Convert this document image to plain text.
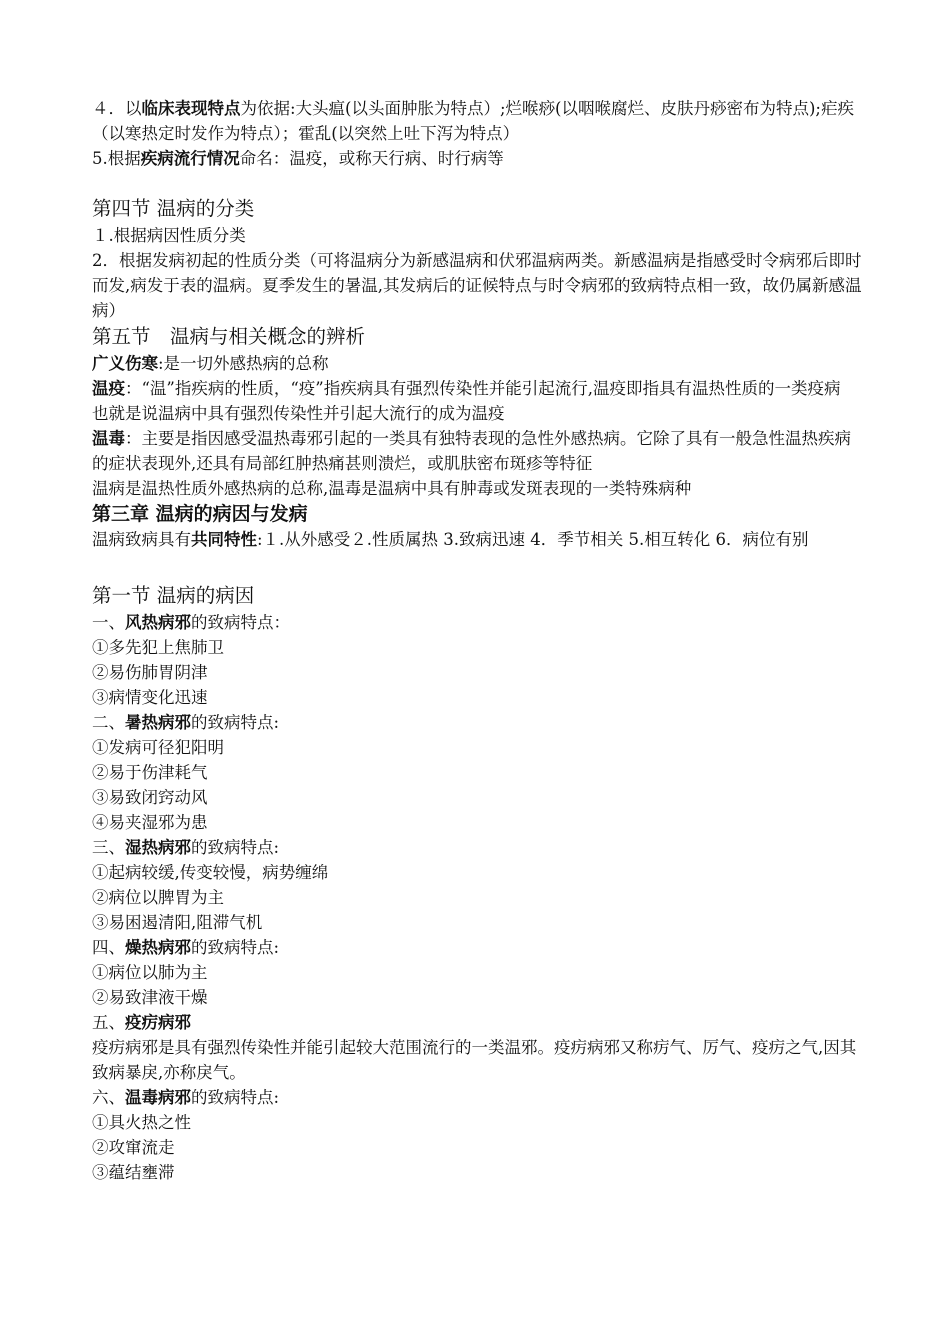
４．以临床表现特点为依据:大头瘟(以头面肿胀为特点）;烂喉痧(以咽喉腐烂、皮肤丹痧密布为特点);疟疾（以寒热定时发作为特点）；霍乱(以突然上吐下泻为特点）

5.根据疾病流行情况命名：温疫，或称天行病、时行病等

第四节 温病的分类

１.根据病因性质分类

2．根据发病初起的性质分类（可将温病分为新感温病和伏邪温病两类。新感温病是指感受时令病邪后即时而发,病发于表的温病。夏季发生的暑温,其发病后的证候特点与时令病邪的致病特点相一致，故仍属新感温病）

第五节　温病与相关概念的辨析

广义伤寒:是一切外感热病的总称

温疫：“温”指疾病的性质，“疫”指疾病具有强烈传染性并能引起流行,温疫即指具有温热性质的一类疫病

也就是说温病中具有强烈传染性并引起大流行的成为温疫

温毒：主要是指因感受温热毒邪引起的一类具有独特表现的急性外感热病。它除了具有一般急性温热疾病的症状表现外,还具有局部红肿热痛甚则溃烂，或肌肤密布斑疹等特征

温病是温热性质外感热病的总称,温毒是温病中具有肿毒或发斑表现的一类特殊病种

第三章 温病的病因与发病

温病致病具有共同特性:１.从外感受２.性质属热 3.致病迅速 4．季节相关 5.相互转化 6．病位有别

第一节 温病的病因

一、风热病邪的致病特点：

①多先犯上焦肺卫

②易伤肺胃阴津

③病情变化迅速

二、暑热病邪的致病特点:

①发病可径犯阳明

②易于伤津耗气

③易致闭窍动风

④易夹湿邪为患

三、湿热病邪的致病特点:

①起病较缓,传变较慢，病势缠绵

②病位以脾胃为主

③易困遏清阳,阻滞气机

四、燥热病邪的致病特点:

①病位以肺为主

②易致津液干燥

五、疫疠病邪

疫疠病邪是具有强烈传染性并能引起较大范围流行的一类温邪。疫疠病邪又称疠气、厉气、疫疠之气,因其致病暴戾,亦称戾气。

六、温毒病邪的致病特点:

①具火热之性

②攻窜流走

③蕴结壅滞
